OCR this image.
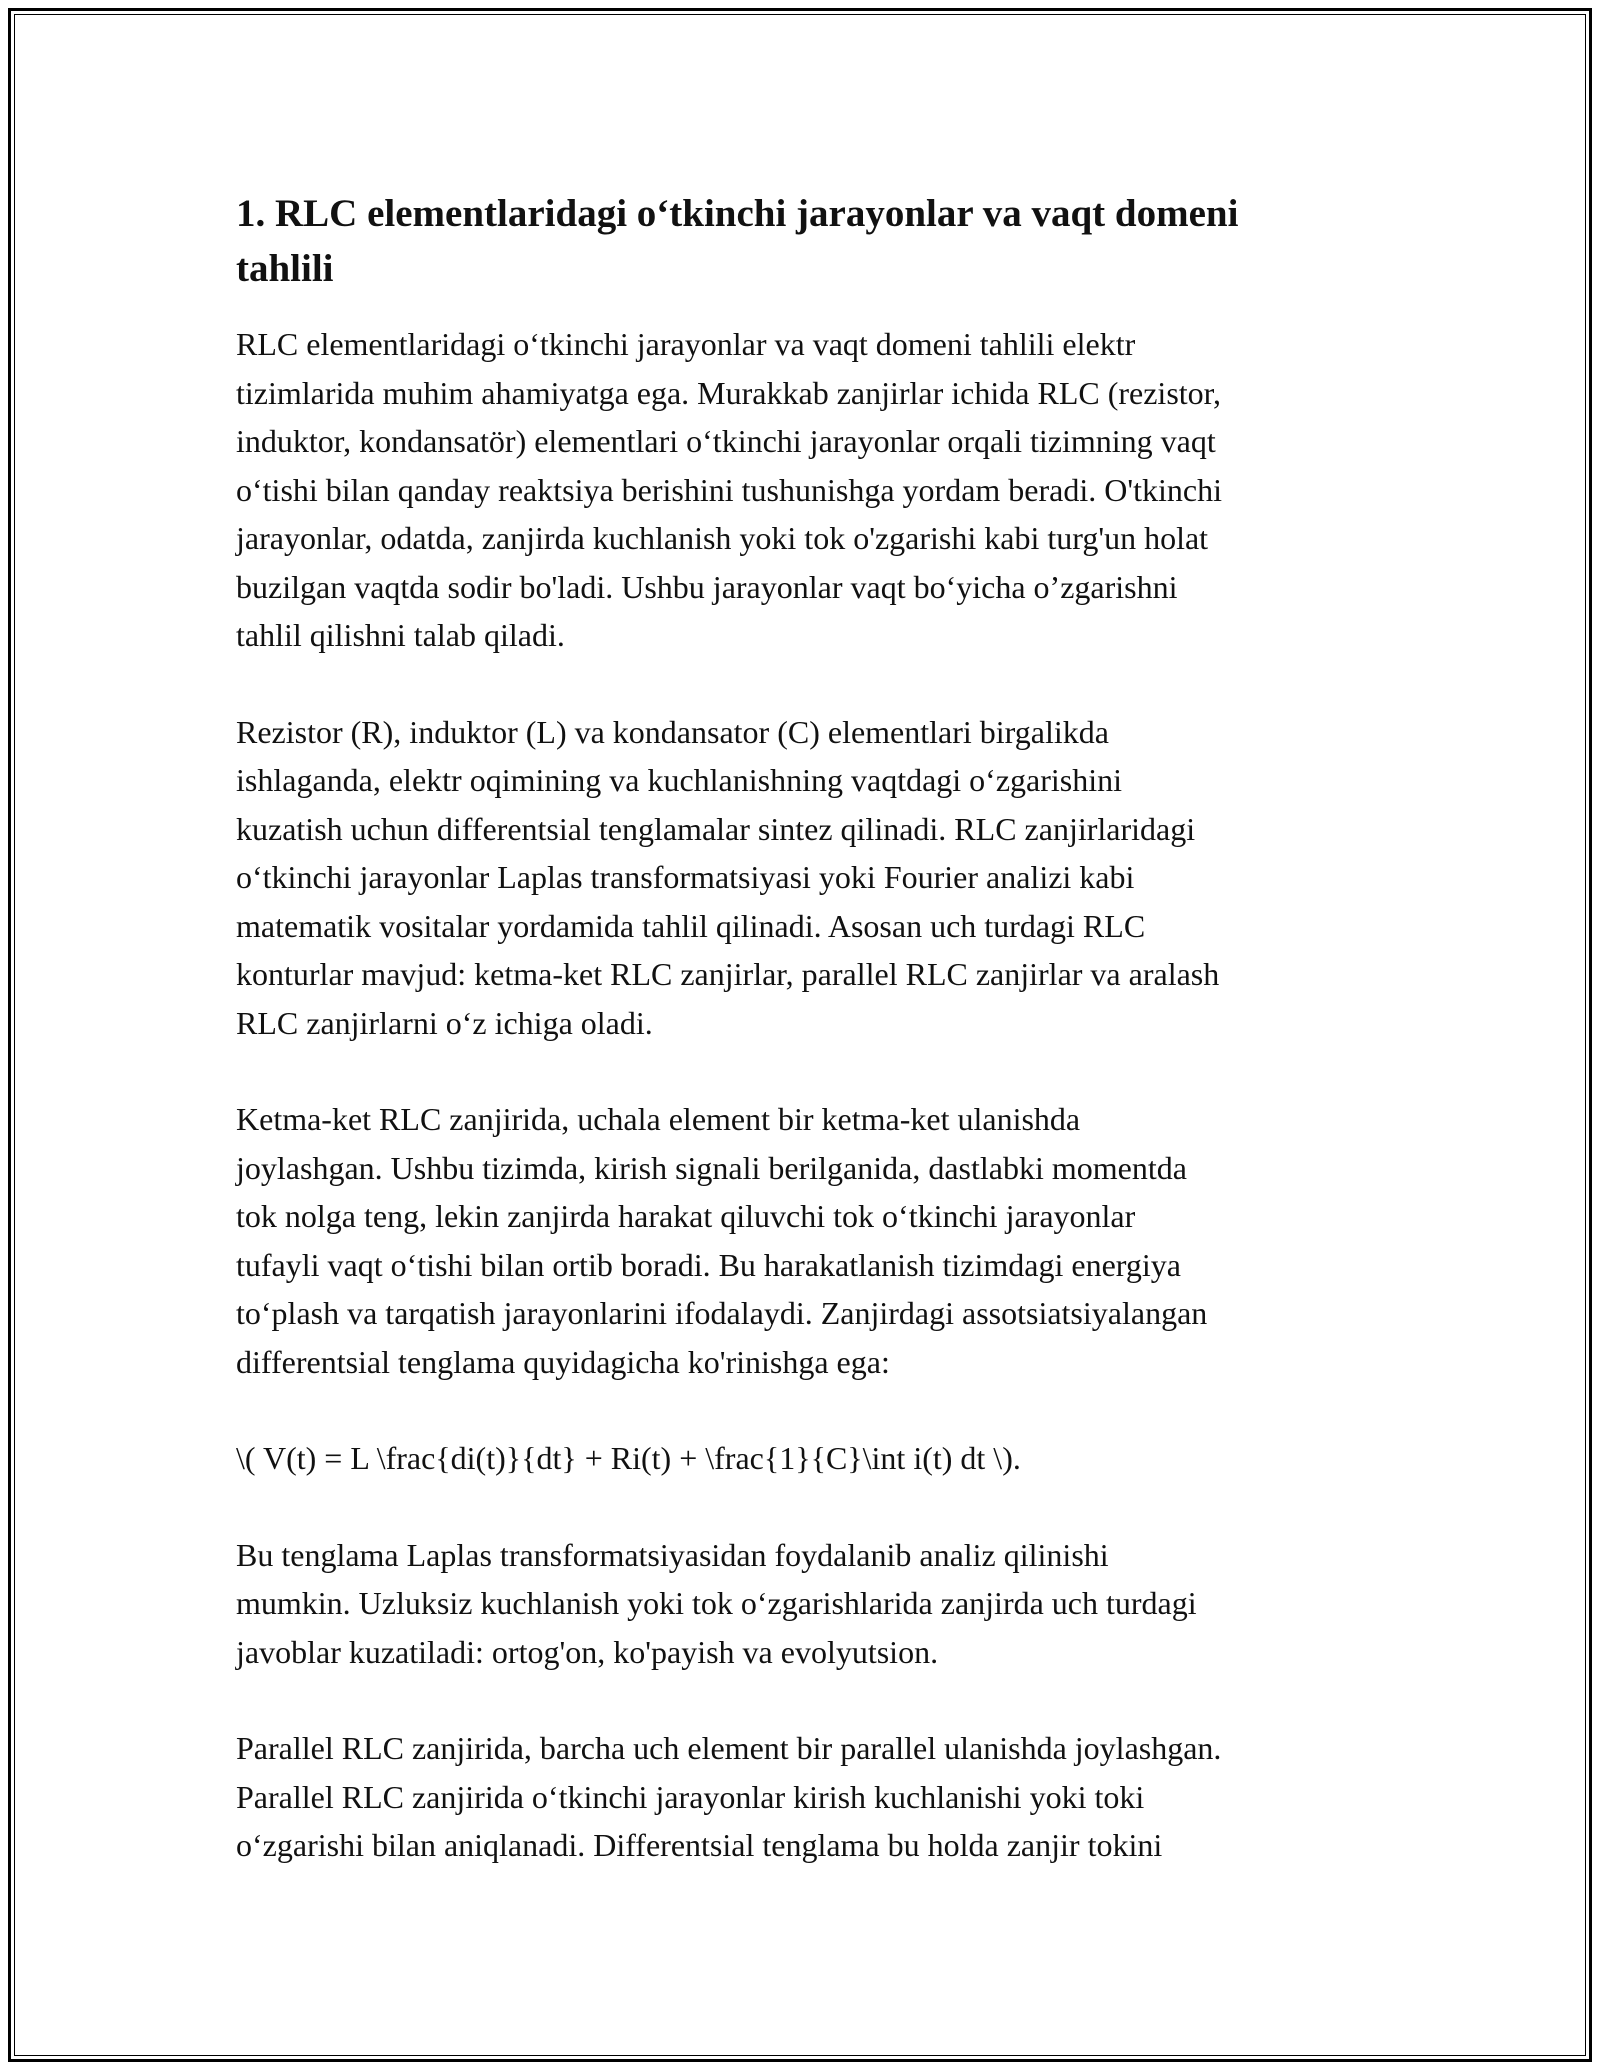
1. RLC elementlaridagi o‘tkinchi jarayonlar va vaqt domeni
tahlili

RLC elementlaridagi o‘tkinchi jarayonlar va vaqt domeni tahlili elektr
tizimlarida muhim ahamiyatga ega. Murakkab zanjirlar ichida RLC (rezistor,
induktor, kondansatör) elementlari o‘tkinchi jarayonlar orqali tizimning vaqt
o‘tishi bilan qanday reaktsiya berishini tushunishga yordam beradi. O'tkinchi
jarayonlar, odatda, zanjirda kuchlanish yoki tok o'zgarishi kabi turg'un holat
buzilgan vaqtda sodir bo'ladi. Ushbu jarayonlar vaqt bo‘yicha o’zgarishni
tahlil qilishni talab qiladi.

Rezistor (R), induktor (L) va kondansator (C) elementlari birgalikda
ishlaganda, elektr oqimining va kuchlanishning vaqtdagi o‘zgarishini
kuzatish uchun differentsial tenglamalar sintez qilinadi. RLC zanjirlaridagi
o‘tkinchi jarayonlar Laplas transformatsiyasi yoki Fourier analizi kabi
matematik vositalar yordamida tahlil qilinadi. Asosan uch turdagi RLC
konturlar mavjud: ketma-ket RLC zanjirlar, parallel RLC zanjirlar va aralash
RLC zanjirlarni o‘z ichiga oladi.

Ketma-ket RLC zanjirida, uchala element bir ketma-ket ulanishda
joylashgan. Ushbu tizimda, kirish signali berilganida, dastlabki momentda
tok nolga teng, lekin zanjirda harakat qiluvchi tok o‘tkinchi jarayonlar
tufayli vaqt o‘tishi bilan ortib boradi. Bu harakatlanish tizimdagi energiya
to‘plash va tarqatish jarayonlarini ifodalaydi. Zanjirdagi assotsiatsiyalangan
differentsial tenglama quyidagicha ko'rinishga ega:

\( V(t) = L \frac{di(t)}{dt} + Ri(t) + \frac{1}{C}\int i(t) dt \).

Bu tenglama Laplas transformatsiyasidan foydalanib analiz qilinishi
mumkin. Uzluksiz kuchlanish yoki tok o‘zgarishlarida zanjirda uch turdagi
javoblar kuzatiladi: ortog'on, ko'payish va evolyutsion.

Parallel RLC zanjirida, barcha uch element bir parallel ulanishda joylashgan.
Parallel RLC zanjirida o‘tkinchi jarayonlar kirish kuchlanishi yoki toki
o‘zgarishi bilan aniqlanadi. Differentsial tenglama bu holda zanjir tokini
